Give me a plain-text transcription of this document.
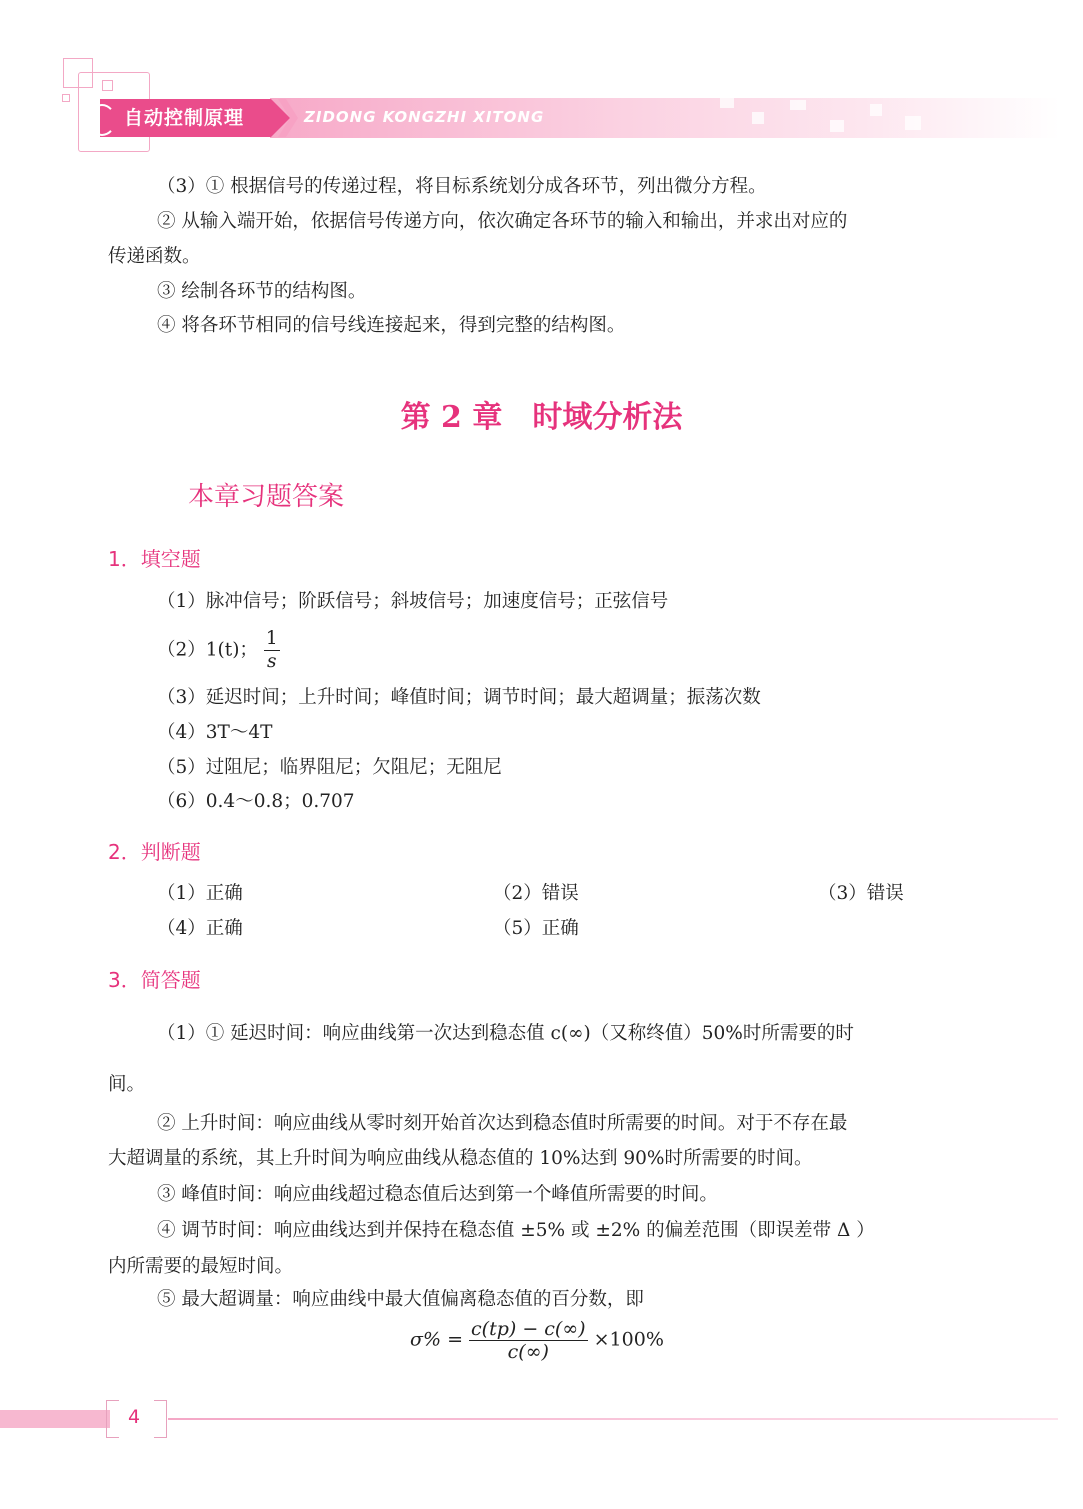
自动控制原理	ZIDONG KONGZHI XITONG
（3）① 根据信号的传递过程，将目标系统划分成各环节，列出微分方程。
② 从输入端开始，依据信号传递方向，依次确定各环节的输入和输出，并求出对应的
传递函数。
③ 绘制各环节的结构图。
④ 将各环节相同的信号线连接起来，得到完整的结构图。
第 2 章　时域分析法
本章习题答案
1．填空题
（1）脉冲信号；阶跃信号；斜坡信号；加速度信号；正弦信号
（2）1(t)； $\frac{1}{s}$
（3）延迟时间；上升时间；峰值时间；调节时间；最大超调量；振荡次数
（4）3T～4T
（5）过阻尼；临界阻尼；欠阻尼；无阻尼
（6）0.4～0.8；0.707
2．判断题
（1）正确	（2）错误	（3）错误
（4）正确	（5）正确
3．简答题
（1）① 延迟时间：响应曲线第一次达到稳态值 c(∞)（又称终值）50%时所需要的时
间。
② 上升时间：响应曲线从零时刻开始首次达到稳态值时所需要的时间。对于不存在最
大超调量的系统，其上升时间为响应曲线从稳态值的 10%达到 90%时所需要的时间。
③ 峰值时间：响应曲线超过稳态值后达到第一个峰值所需要的时间。
④ 调节时间：响应曲线达到并保持在稳态值 ±5% 或 ±2% 的偏差范围（即误差带 Δ ）
内所需要的最短时间。
⑤ 最大超调量：响应曲线中最大值偏离稳态值的百分数，即
$\sigma\% = \frac{c(tp) - c(\infty)}{c(\infty)} \times 100\%$
4
